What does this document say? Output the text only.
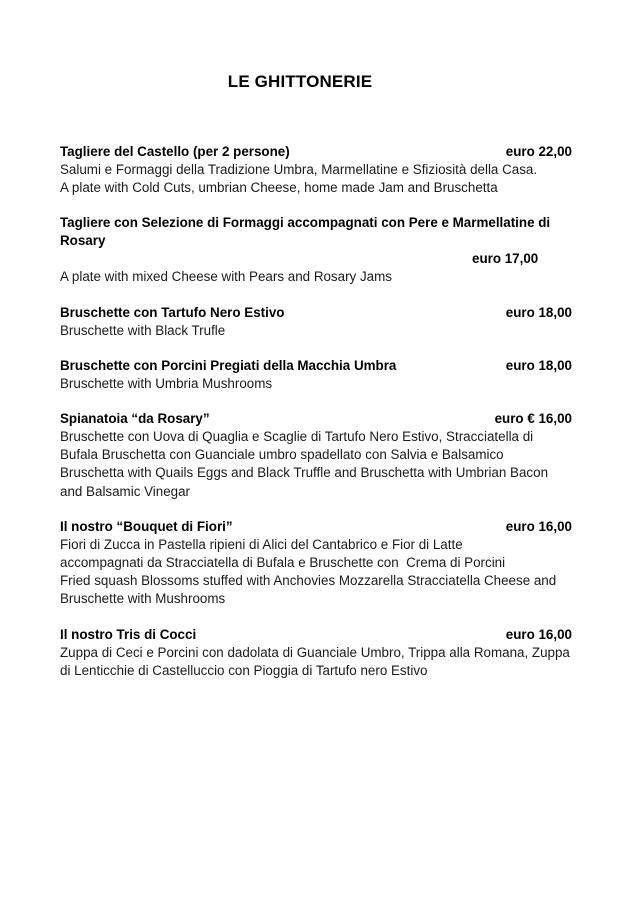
LE GHITTONERIE
Tagliere del Castello (per 2 persone)	euro 22,00
Salumi e Formaggi della Tradizione Umbra, Marmellatine e Sfiziosità della Casa.
A plate with Cold Cuts, umbrian Cheese, home made Jam and Bruschetta
Tagliere con Selezione di Formaggi accompagnati con Pere e Marmellatine di Rosary
euro 17,00
A plate with mixed Cheese with Pears and Rosary Jams
Bruschette con Tartufo Nero Estivo	euro 18,00
Bruschette with Black Trufle
Bruschette con Porcini Pregiati della Macchia Umbra	euro 18,00
Bruschette with Umbria Mushrooms
Spianatoia “da Rosary”	euro € 16,00
Bruschette con Uova di Quaglia e Scaglie di Tartufo Nero Estivo, Stracciatella di
Bufala Bruschetta con Guanciale umbro spadellato con Salvia e Balsamico
Bruschetta with Quails Eggs and Black Truffle and Bruschetta with Umbrian Bacon
and Balsamic Vinegar
Il nostro “Bouquet di Fiori”	euro 16,00
Fiori di Zucca in Pastella ripieni di Alici del Cantabrico e Fior di Latte
accompagnati da Stracciatella di Bufala e Bruschette con  Crema di Porcini
Fried squash Blossoms stuffed with Anchovies Mozzarella Stracciatella Cheese and
Bruschette with Mushrooms
Il nostro Tris di Cocci	euro 16,00
Zuppa di Ceci e Porcini con dadolata di Guanciale Umbro, Trippa alla Romana, Zuppa
di Lenticchie di Castelluccio con Pioggia di Tartufo nero Estivo
